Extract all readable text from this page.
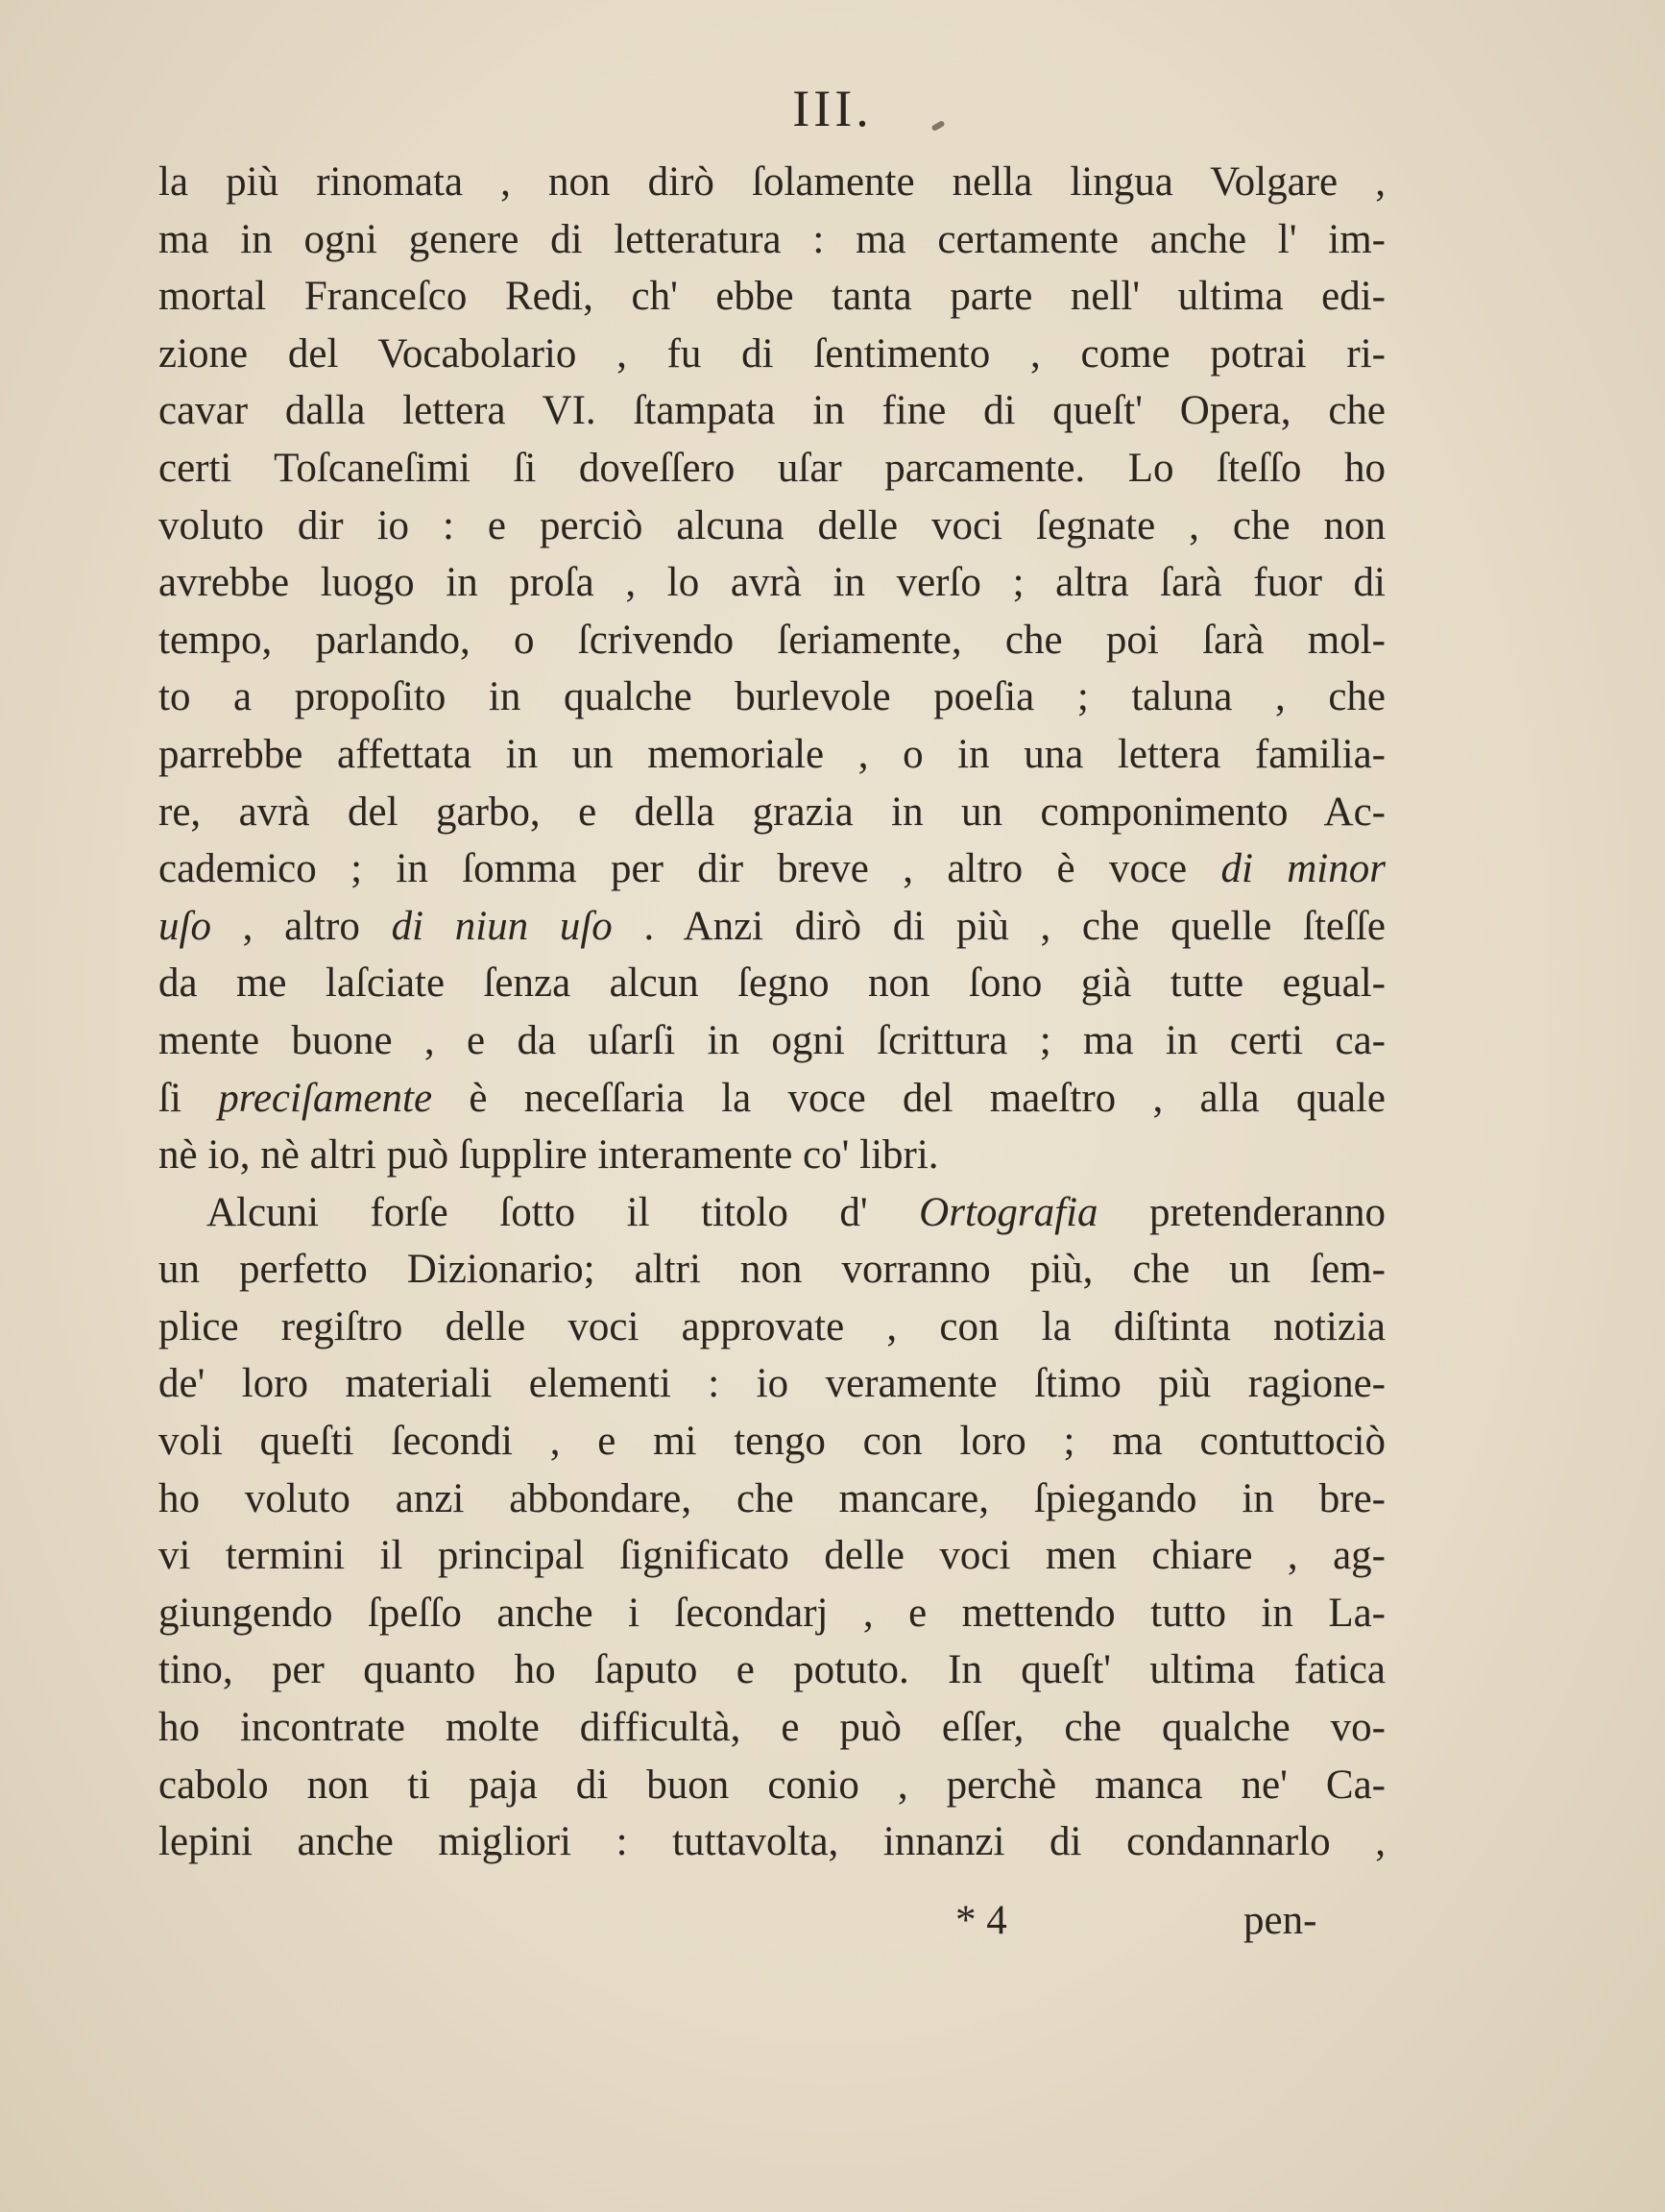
III.
la più rinomata , non dirò ſolamente nella lingua Volgare ,
ma in ogni genere di letteratura : ma certamente anche l' im-
mortal Franceſco Redi, ch' ebbe tanta parte nell' ultima edi-
zione del Vocabolario , fu di ſentimento , come potrai ri-
cavar dalla lettera VI. ſtampata in fine di queſt' Opera, che
certi Toſcaneſimi ſi doveſſero uſar parcamente. Lo ſteſſo ho
voluto dir io : e perciò alcuna delle voci ſegnate , che non
avrebbe luogo in proſa , lo avrà in verſo ; altra ſarà fuor di
tempo, parlando, o ſcrivendo ſeriamente, che poi ſarà mol-
to a propoſito in qualche burlevole poeſia ; taluna , che
parrebbe affettata in un memoriale , o in una lettera familia-
re, avrà del garbo, e della grazia in un componimento Ac-
cademico ; in ſomma per dir breve , altro è voce di minor
uſo , altro di niun uſo . Anzi dirò di più , che quelle ſteſſe
da me laſciate ſenza alcun ſegno non ſono già tutte egual-
mente buone , e da uſarſi in ogni ſcrittura ; ma in certi ca-
ſi preciſamente è neceſſaria la voce del maeſtro , alla quale
nè io, nè altri può ſupplire interamente co' libri.
Alcuni forſe ſotto il titolo d' Ortografia pretenderanno
un perfetto Dizionario; altri non vorranno più, che un ſem-
plice regiſtro delle voci approvate , con la diſtinta notizia
de' loro materiali elementi : io veramente ſtimo più ragione-
voli queſti ſecondi , e mi tengo con loro ; ma contuttociò
ho voluto anzi abbondare, che mancare, ſpiegando in bre-
vi termini il principal ſignificato delle voci men chiare , ag-
giungendo ſpeſſo anche i ſecondarj , e mettendo tutto in La-
tino, per quanto ho ſaputo e potuto. In queſt' ultima fatica
ho incontrate molte difficultà, e può eſſer, che qualche vo-
cabolo non ti paja di buon conio , perchè manca ne' Ca-
lepini anche migliori : tuttavolta, innanzi di condannarlo ,
* 4	pen-
